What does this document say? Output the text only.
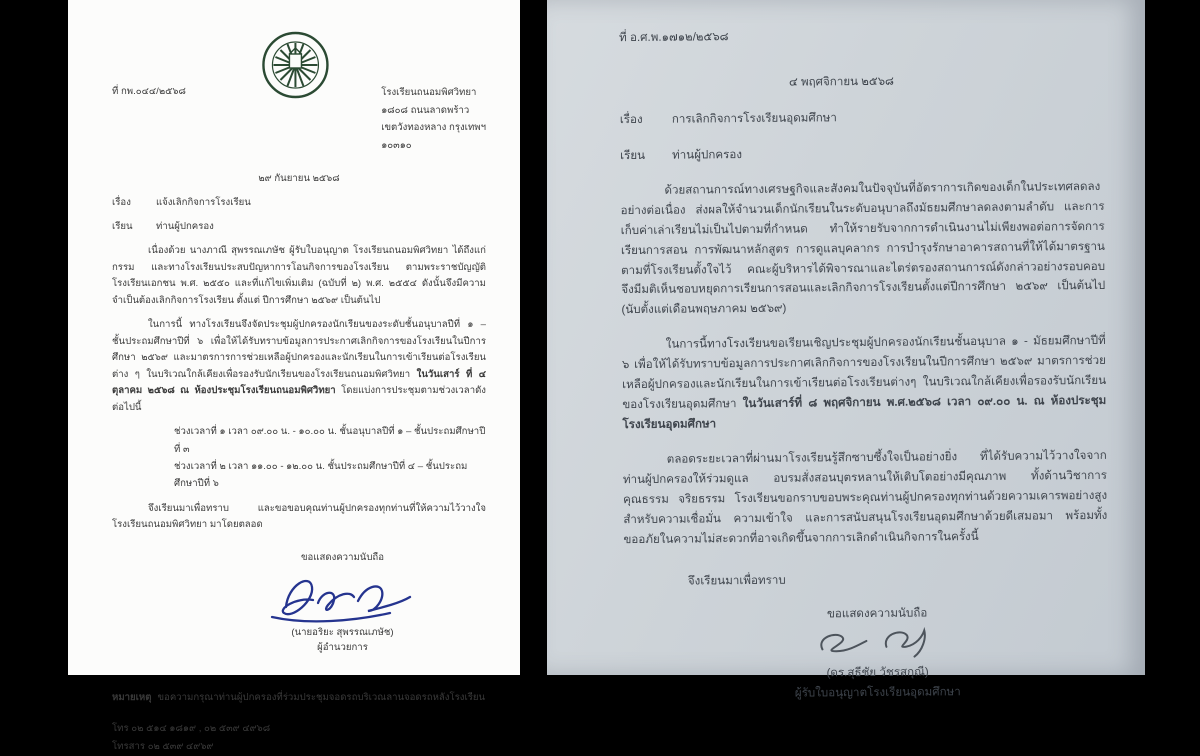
ที่ กพ.๐๔๔/๒๕๖๘	โรงเรียนถนอมพิศวิทยา
๑๘๐๘ ถนนลาดพร้าว
เขตวังทองหลาง กรุงเทพฯ
๑๐๓๑๐
๒๙ กันยายน ๒๕๖๘
เรื่อง	แจ้งเลิกกิจการโรงเรียน
เรียน	ท่านผู้ปกครอง

เนื่องด้วย นางภาณี สุพรรณเภษัช ผู้รับใบอนุญาต โรงเรียนถนอมพิศวิทยา ได้ถึงแก่กรรม และทางโรงเรียนประสบปัญหาการโอนกิจการของโรงเรียน ตามพระราชบัญญัติโรงเรียนเอกชน พ.ศ. ๒๕๕๐ และที่แก้ไขเพิ่มเติม (ฉบับที่ ๒) พ.ศ. ๒๕๕๔ ดังนั้นจึงมีความจำเป็นต้องเลิกกิจการโรงเรียน ตั้งแต่ ปีการศึกษา ๒๕๖๙ เป็นต้นไป

ในการนี้ ทางโรงเรียนจึงจัดประชุมผู้ปกครองนักเรียนของระดับชั้นอนุบาลปีที่ ๑ – ชั้นประถมศึกษาปีที่ ๖ เพื่อให้ได้รับทราบข้อมูลการประกาศเลิกกิจการของโรงเรียนในปีการศึกษา ๒๕๖๙ และมาตรการการช่วยเหลือผู้ปกครองและนักเรียนในการเข้าเรียนต่อโรงเรียนต่าง ๆ ในบริเวณใกล้เคียงเพื่อรองรับนักเรียนของโรงเรียนถนอมพิศวิทยา ในวันเสาร์ ที่ ๔ ตุลาคม ๒๕๖๘ ณ ห้องประชุมโรงเรียนถนอมพิศวิทยา โดยแบ่งการประชุมตามช่วงเวลาดังต่อไปนี้

ช่วงเวลาที่ ๑ เวลา ๐๙.๐๐ น. - ๑๐.๐๐ น. ชั้นอนุบาลปีที่ ๑ – ชั้นประถมศึกษาปีที่ ๓
ช่วงเวลาที่ ๒ เวลา ๑๑.๐๐ - ๑๒.๐๐ น. ชั้นประถมศึกษาปีที่ ๔ – ชั้นประถมศึกษาปีที่ ๖

จึงเรียนมาเพื่อทราบ และขอขอบคุณท่านผู้ปกครองทุกท่านที่ให้ความไว้วางใจโรงเรียนถนอมพิศวิทยา มาโดยตลอด

ขอแสดงความนับถือ
(นายอริยะ สุพรรณเภษัช)
ผู้อำนวยการ
หมายเหตุ ขอความกรุณาท่านผู้ปกครองที่ร่วมประชุมจอดรถบริเวณลานจอดรถหลังโรงเรียน
โทร ๐๒ ๕๑๔ ๑๘๑๙ , ๐๒ ๕๓๙ ๔๙๖๘
โทรสาร ๐๒ ๕๓๙ ๔๙๖๙
ที่ อ.ศ.พ.๑๗๑๒/๒๕๖๘
๔ พฤศจิกายน ๒๕๖๘
เรื่อง	การเลิกกิจการโรงเรียนอุดมศึกษา
เรียน	ท่านผู้ปกครอง

ด้วยสถานการณ์ทางเศรษฐกิจและสังคมในปัจจุบันที่อัตราการเกิดของเด็กในประเทศลดลงอย่างต่อเนื่อง ส่งผลให้จำนวนเด็กนักเรียนในระดับอนุบาลถึงมัธยมศึกษาลดลงตามลำดับ และการเก็บค่าเล่าเรียนไม่เป็นไปตามที่กำหนด ทำให้รายรับจากการดำเนินงานไม่เพียงพอต่อการจัดการเรียนการสอน การพัฒนาหลักสูตร การดูแลบุคลากร การบำรุงรักษาอาคารสถานที่ให้ได้มาตรฐานตามที่โรงเรียนตั้งใจไว้ คณะผู้บริหารได้พิจารณาและไตร่ตรองสถานการณ์ดังกล่าวอย่างรอบคอบ จึงมีมติเห็นชอบหยุดการเรียนการสอนและเลิกกิจการโรงเรียนตั้งแต่ปีการศึกษา ๒๕๖๙ เป็นต้นไป (นับตั้งแต่เดือนพฤษภาคม ๒๕๖๙)

ในการนี้ทางโรงเรียนขอเรียนเชิญประชุมผู้ปกครองนักเรียนชั้นอนุบาล ๑ - มัธยมศึกษาปีที่ ๖ เพื่อให้ได้รับทราบข้อมูลการประกาศเลิกกิจการของโรงเรียนในปีการศึกษา ๒๕๖๙ มาตรการช่วยเหลือผู้ปกครองและนักเรียนในการเข้าเรียนต่อโรงเรียนต่างๆ ในบริเวณใกล้เคียงเพื่อรองรับนักเรียนของโรงเรียนอุดมศึกษา ในวันเสาร์ที่ ๘ พฤศจิกายน พ.ศ.๒๕๖๘ เวลา ๐๙.๐๐ น. ณ ห้องประชุมโรงเรียนอุดมศึกษา

ตลอดระยะเวลาที่ผ่านมาโรงเรียนรู้สึกซาบซึ้งใจเป็นอย่างยิ่ง ที่ได้รับความไว้วางใจจากท่านผู้ปกครองให้ร่วมดูแล อบรมสั่งสอนบุตรหลานให้เติบโตอย่างมีคุณภาพ ทั้งด้านวิชาการ คุณธรรม จริยธรรม โรงเรียนขอกราบขอบพระคุณท่านผู้ปกครองทุกท่านด้วยความเคารพอย่างสูง สำหรับความเชื่อมั่น ความเข้าใจ และการสนับสนุนโรงเรียนอุดมศึกษาด้วยดีเสมอมา พร้อมทั้งขออภัยในความไม่สะดวกที่อาจเกิดขึ้นจากการเลิกดำเนินกิจการในครั้งนี้

จึงเรียนมาเพื่อทราบ
ขอแสดงความนับถือ
(ดร.สุธีชัย วัชรสกุณี)
ผู้รับใบอนุญาตโรงเรียนอุดมศึกษา
